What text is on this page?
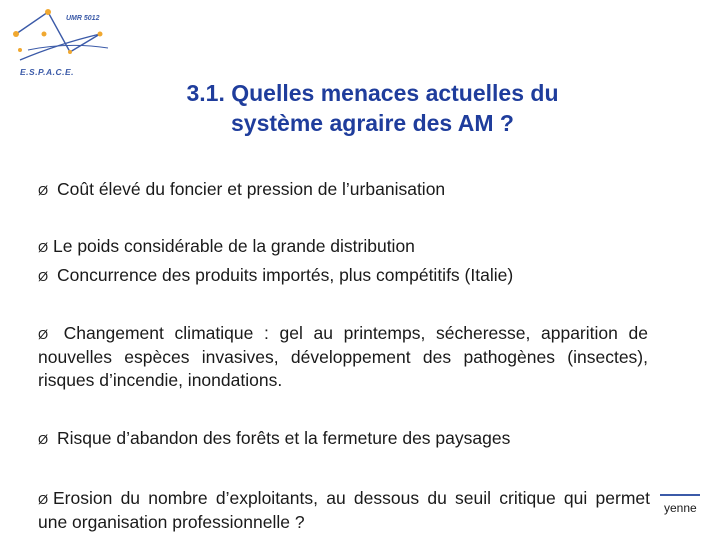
UMR 5012
E.S.P.A.C.E.
3.1. Quelles menaces actuelles du
système agraire des AM ?
Ø Coût élevé du foncier et pression de l’urbanisation
Ø Le poids considérable de la grande distribution
Ø Concurrence des produits importés, plus compétitifs (Italie)
Ø Changement climatique : gel au printemps, sécheresse, apparition de nouvelles espèces invasives, développement des pathogènes (insectes), risques d’incendie, inondations.
Ø Risque d’abandon des forêts et la fermeture des paysages
Ø Erosion du nombre d’exploitants, au dessous du seuil critique qui permet une organisation professionnelle ?
yenne
